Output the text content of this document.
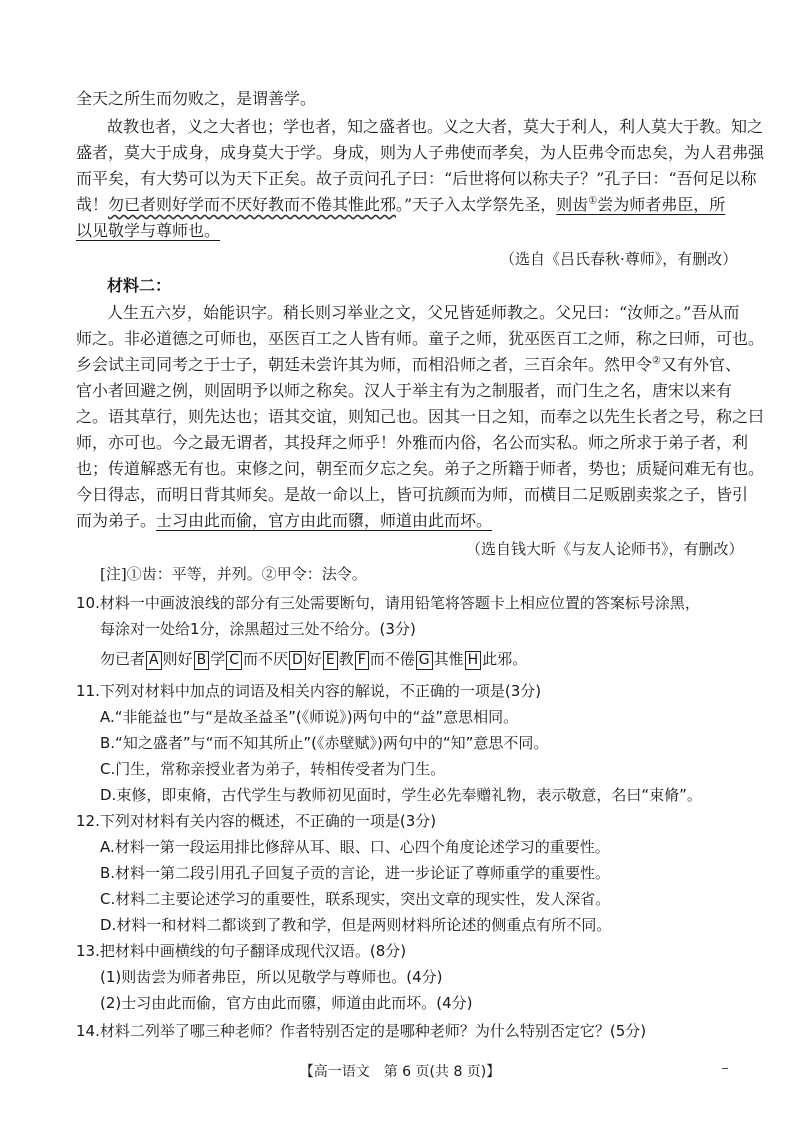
全天之所生而勿败之，是谓善学。
故教也者，义之大者也；学也者，知之盛者也。义之大者，莫大于利人，利人莫大于教。知之
盛者，莫大于成身，成身莫大于学。身成，则为人子弗使而孝矣，为人臣弗令而忠矣，为人君弗强
而平矣，有大势可以为天下正矣。故子贡问孔子曰：“后世将何以称夫子？”孔子曰：“吾何足以称
哉！勿已者则好学而不厌好教而不倦其惟此邪。”天子入太学祭先圣，则齿①尝为师者弗臣，所
以见敬学与尊师也。
（选自《吕氏春秋·尊师》，有删改）
材料二：
人生五六岁，始能识字。稍长则习举业之文，父兄皆延师教之。父兄曰：“汝师之。”吾从而
师之。非必道德之可师也，巫医百工之人皆有师。童子之师，犹巫医百工之师，称之曰师，可也。
乡会试主司同考之于士子，朝廷未尝许其为师，而相沿师之者，三百余年。然甲令②又有外官、
官小者回避之例，则固明予以师之称矣。汉人于举主有为之制服者，而门生之名，唐宋以来有
之。语其草行，则先达也；语其交谊，则知己也。因其一日之知，而奉之以先生长者之号，称之曰
师，亦可也。今之最无谓者，其投拜之师乎！外雅而内俗，名公而实私。师之所求于弟子者，利
也；传道解惑无有也。束修之问，朝至而夕忘之矣。弟子之所籍于师者，势也；质疑问难无有也。
今日得志，而明日背其师矣。是故一命以上，皆可抗颜而为师，而横目二足贩剧卖浆之子，皆引
而为弟子。士习由此而偷，官方由此而隳，师道由此而坏。
（选自钱大昕《与友人论师书》，有删改）
[注]①齿：平等，并列。②甲令：法令。
10.材料一中画波浪线的部分有三处需要断句，请用铅笔将答题卡上相应位置的答案标号涂黑，
每涂对一处给1分，涂黑超过三处不给分。(3分)
勿已者 A 则好 B 学 C 而不厌 D 好 E 教 F 而不倦 G 其惟 H 此邪。
11.下列对材料中加点的词语及相关内容的解说，不正确的一项是(3分)
A.“非能益也”与“是故圣益圣”(《师说》)两句中的“益”意思相同。
B.“知之盛者”与“而不知其所止”(《赤壁赋》)两句中的“知”意思不同。
C.门生，常称亲授业者为弟子，转相传受者为门生。
D.束修，即束脩，古代学生与教师初见面时，学生必先奉赠礼物，表示敬意，名曰“束脩”。
12.下列对材料有关内容的概述，不正确的一项是(3分)
A.材料一第一段运用排比修辞从耳、眼、口、心四个角度论述学习的重要性。
B.材料一第二段引用孔子回复子贡的言论，进一步论证了尊师重学的重要性。
C.材料二主要论述学习的重要性，联系现实，突出文章的现实性，发人深省。
D.材料一和材料二都谈到了教和学，但是两则材料所论述的侧重点有所不同。
13.把材料中画横线的句子翻译成现代汉语。(8分)
(1)则齿尝为师者弗臣，所以见敬学与尊师也。(4分)
(2)士习由此而偷，官方由此而隳，师道由此而坏。(4分)
14.材料二列举了哪三种老师？作者特别否定的是哪种老师？为什么特别否定它？(5分)
【高一语文　第 6 页(共 8 页)】
